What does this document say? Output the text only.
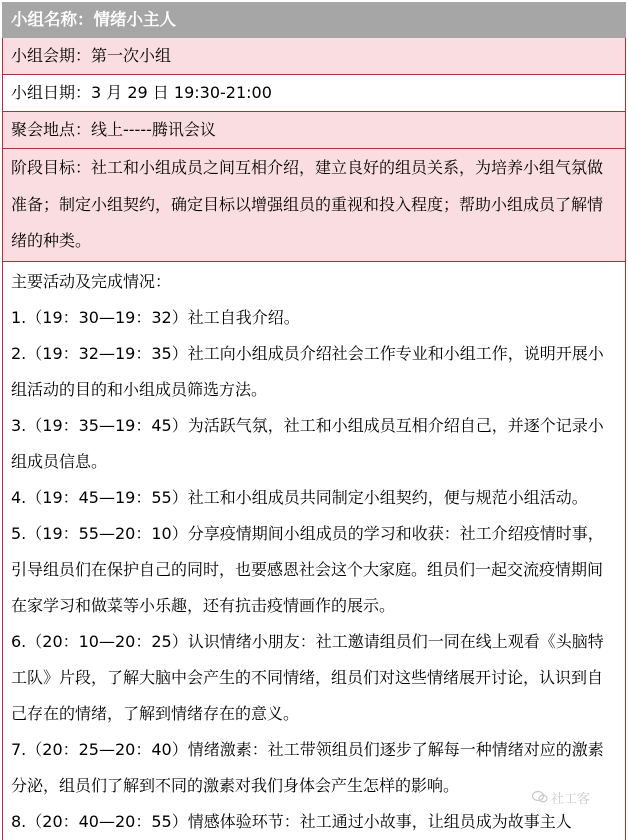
小组名称：情绪小主人
小组会期：第一次小组
小组日期：3 月 29 日 19:30-21:00
聚会地点：线上-----腾讯会议
阶段目标：社工和小组成员之间互相介绍，建立良好的组员关系，为培养小组气氛做准备；制定小组契约，确定目标以增强组员的重视和投入程度；帮助小组成员了解情绪的种类。

主要活动及完成情况：
1.（19：30—19：32）社工自我介绍。
2.（19：32—19：35）社工向小组成员介绍社会工作专业和小组工作，说明开展小组活动的目的和小组成员筛选方法。
3.（19：35—19：45）为活跃气氛，社工和小组成员互相介绍自己，并逐个记录小组成员信息。
4.（19：45—19：55）社工和小组成员共同制定小组契约，便与规范小组活动。
5.（19：55—20：10）分享疫情期间小组成员的学习和收获：社工介绍疫情时事，引导组员们在保护自己的同时，也要感恩社会这个大家庭。组员们一起交流疫情期间在家学习和做菜等小乐趣，还有抗击疫情画作的展示。
6.（20：10—20：25）认识情绪小朋友：社工邀请组员们一同在线上观看《头脑特工队》片段，了解大脑中会产生的不同情绪，组员们对这些情绪展开讨论，认识到自己存在的情绪，了解到情绪存在的意义。
7.（20：25—20：40）情绪激素：社工带领组员们逐步了解每一种情绪对应的激素分泌，组员们了解到不同的激素对我们身体会产生怎样的影响。
8.（20：40—20：55）情感体验环节：社工通过小故事，让组员成为故事主人
社工客
